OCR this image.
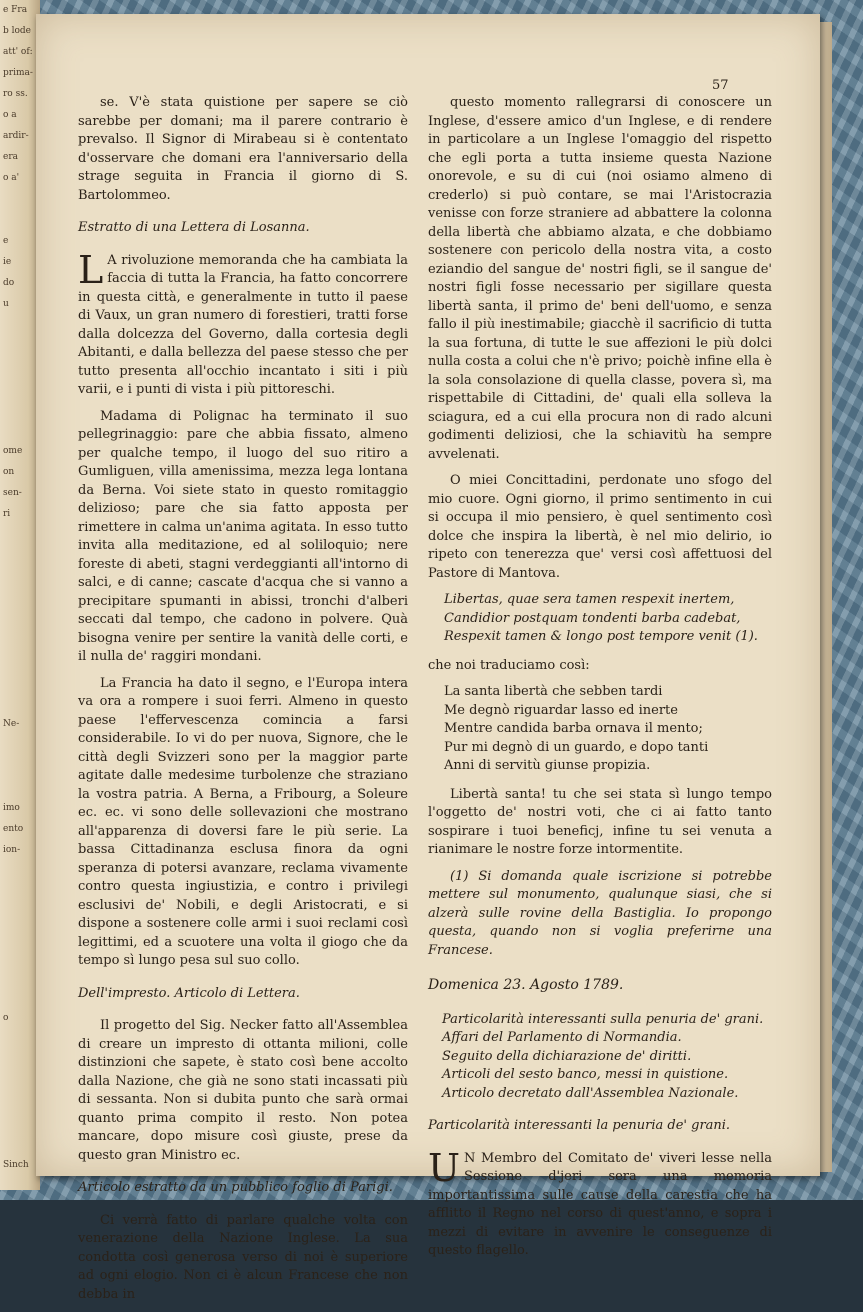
e Fra
b lode
att' of:
prima-
ro ss.
o a
ardir-
era
o a'

e
ie
do
u

ome
on
sen-
ri

Ne-

imo
ento
ion-

o

Sinch
57

se. V'è stata quistione per sapere se ciò sarebbe per domani; ma il parere contrario è prevalso. Il Signor di Mirabeau si è contentato d'osservare che domani era l'anniversario della strage seguita in Francia il giorno di S. Bartolommeo.

Estratto di una Lettera di Losanna.

L A rivoluzione memoranda che ha cambiata la faccia di tutta la Francia, ha fatto concorrere in questa città, e generalmente in tutto il paese di Vaux, un gran numero di forestieri, tratti forse dalla dolcezza del Governo, dalla cortesia degli Abitanti, e dalla bellezza del paese stesso che per tutto presenta all'occhio incantato i siti i più varii, e i punti di vista i più pittoreschi.

Madama di Polignac ha terminato il suo pellegrinaggio: pare che abbia fissato, almeno per qualche tempo, il luogo del suo ritiro a Gumliguen, villa amenissima, mezza lega lontana da Berna. Voi siete stato in questo romitaggio delizioso; pare che sia fatto apposta per rimettere in calma un'anima agitata. In esso tutto invita alla meditazione, ed al soliloquio; nere foreste di abeti, stagni verdeggianti all'intorno di salci, e di canne; cascate d'acqua che si vanno a precipitare spumanti in abissi, tronchi d'alberi seccati dal tempo, che cadono in polvere. Quà bisogna venire per sentire la vanità delle corti, e il nulla de' raggiri mondani.

La Francia ha dato il segno, e l'Europa intera va ora a rompere i suoi ferri. Almeno in questo paese l'effervescenza comincia a farsi considerabile. Io vi do per nuova, Signore, che le città degli Svizzeri sono per la maggior parte agitate dalle medesime turbolenze che straziano la vostra patria. A Berna, a Fribourg, a Soleure ec. ec. vi sono delle sollevazioni che mostrano all'apparenza di doversi fare le più serie. La bassa Cittadinanza esclusa finora da ogni speranza di potersi avanzare, reclama vivamente contro questa ingiustizia, e contro i privilegi esclusivi de' Nobili, e degli Aristocrati, e si dispone a sostenere colle armi i suoi reclami così legittimi, ed a scuotere una volta il giogo che da tempo sì lungo pesa sul suo collo.

Dell'impresto. Articolo di Lettera.

Il progetto del Sig. Necker fatto all'Assemblea di creare un impresto di ottanta milioni, colle distinzioni che sapete, è stato così bene accolto dalla Nazione, che già ne sono stati incassati più di sessanta. Non si dubita punto che sarà ormai quanto prima compito il resto. Non potea mancare, dopo misure così giuste, prese da questo gran Ministro ec.

Articolo estratto da un pubblico foglio di Parigi.

Ci verrà fatto di parlare qualche volta con venerazione della Nazione Inglese. La sua condotta così generosa verso di noi è superiore ad ogni elogio. Non ci è alcun Francese che non debba in

questo momento rallegrarsi di conoscere un Inglese, d'essere amico d'un Inglese, e di rendere in particolare a un Inglese l'omaggio del rispetto che egli porta a tutta insieme questa Nazione onorevole, e su di cui (noi osiamo almeno di crederlo) si può contare, se mai l'Aristocrazia venisse con forze straniere ad abbattere la colonna della libertà che abbiamo alzata, e che dobbiamo sostenere con pericolo della nostra vita, a costo eziandio del sangue de' nostri figli, se il sangue de' nostri figli fosse necessario per sigillare questa libertà santa, il primo de' beni dell'uomo, e senza fallo il più inestimabile; giacchè il sacrificio di tutta la sua fortuna, di tutte le sue affezioni le più dolci nulla costa a colui che n'è privo; poichè infine ella è la sola consolazione di quella classe, povera sì, ma rispettabile di Cittadini, de' quali ella solleva la sciagura, ed a cui ella procura non di rado alcuni godimenti deliziosi, che la schiavitù ha sempre avvelenati.

O miei Concittadini, perdonate uno sfogo del mio cuore. Ogni giorno, il primo sentimento in cui si occupa il mio pensiero, è quel sentimento così dolce che inspira la libertà, è nel mio delirio, io ripeto con tenerezza que' versi così affettuosi del Pastore di Mantova.

Libertas, quae sera tamen respexit inertem,

Candidior postquam tondenti barba cadebat,

Respexit tamen & longo post tempore venit (1).

che noi traduciamo così:

La santa libertà che sebben tardi

Me degnò riguardar lasso ed inerte

Mentre candida barba ornava il mento;

Pur mi degnò di un guardo, e dopo tanti

Anni di servitù giunse propizia.

Libertà santa! tu che sei stata sì lungo tempo l'oggetto de' nostri voti, che ci ai fatto tanto sospirare i tuoi beneficj, infine tu sei venuta a rianimare le nostre forze intormentite.

(1) Si domanda quale iscrizione si potrebbe mettere sul monumento, qualunque siasi, che si alzerà sulle rovine della Bastiglia. Io propongo questa, quando non si voglia preferirne una Francese.

Domenica 23. Agosto 1789.

Particolarità interessanti sulla penuria de' grani.

Affari del Parlamento di Normandia.

Seguito della dichiarazione de' diritti.

Articoli del sesto banco, messi in quistione.

Articolo decretato dall'Assemblea Nazionale.

Particolarità interessanti la penuria de' grani.

U N Membro del Comitato de' viveri lesse nella Sessione d'jeri sera una memoria importantissima sulle cause della carestia che ha afflitto il Regno nel corso di quest'anno, e sopra i mezzi di evitare in avvenire le conseguenze di questo flagello.
